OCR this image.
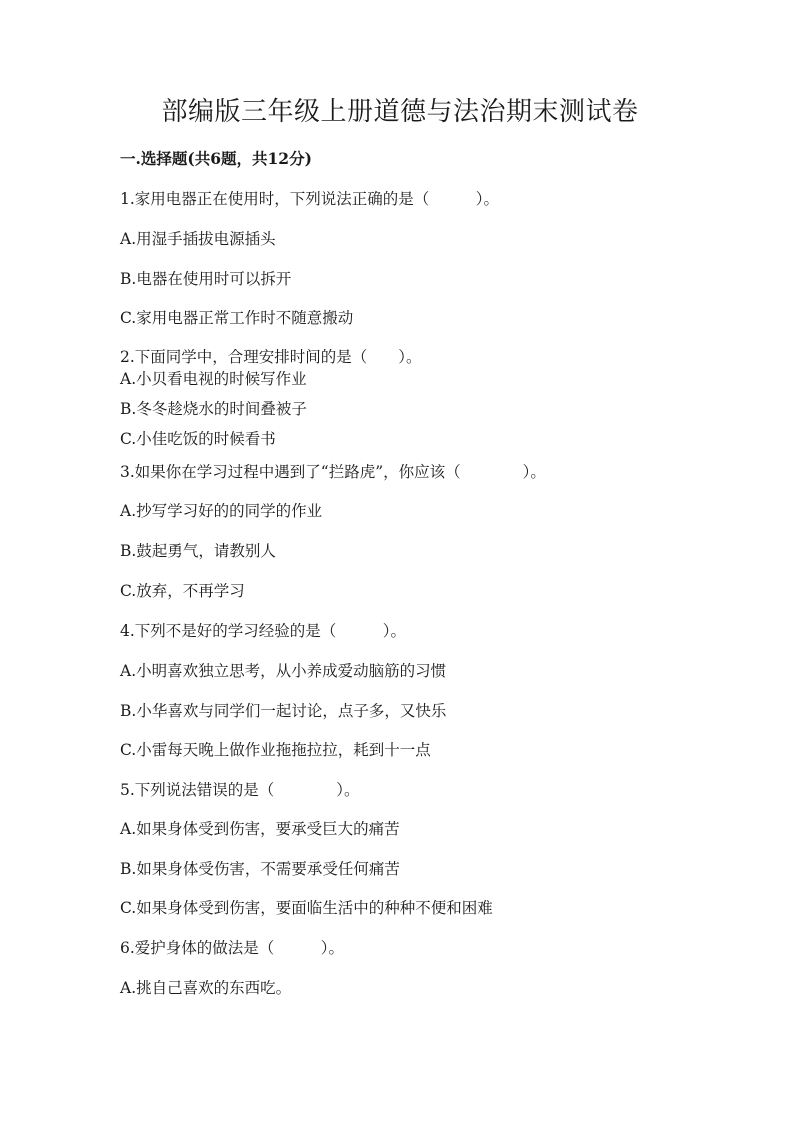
部编版三年级上册道德与法治期末测试卷
一.选择题(共6题，共12分)
1.家用电器正在使用时，下列说法正确的是（　　　）。
A.用湿手插拔电源插头
B.电器在使用时可以拆开
C.家用电器正常工作时不随意搬动
2.下面同学中，合理安排时间的是（　　）。
A.小贝看电视的时候写作业
B.冬冬趁烧水的时间叠被子
C.小佳吃饭的时候看书
3.如果你在学习过程中遇到了“拦路虎”，你应该（　　　　）。
A.抄写学习好的的同学的作业
B.鼓起勇气，请教别人
C.放弃，不再学习
4.下列不是好的学习经验的是（　　　）。
A.小明喜欢独立思考，从小养成爱动脑筋的习惯
B.小华喜欢与同学们一起讨论，点子多，又快乐
C.小雷每天晚上做作业拖拖拉拉，耗到十一点
5.下列说法错误的是（　　　　）。
A.如果身体受到伤害，要承受巨大的痛苦
B.如果身体受伤害，不需要承受任何痛苦
C.如果身体受到伤害，要面临生活中的种种不便和困难
6.爱护身体的做法是（　　　）。
A.挑自己喜欢的东西吃。
